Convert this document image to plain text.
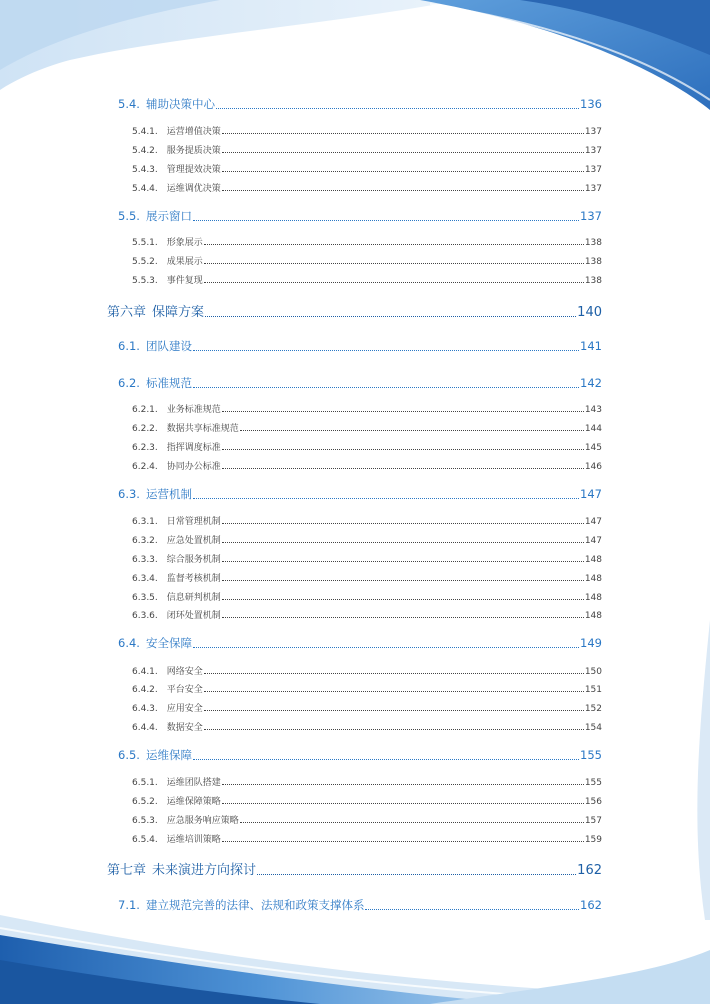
5.4. 辅助决策中心	136
5.4.1. 运营增值决策	137
5.4.2. 服务提质决策	137
5.4.3. 管理提效决策	137
5.4.4. 运维调优决策	137
5.5. 展示窗口	137
5.5.1. 形象展示	138
5.5.2. 成果展示	138
5.5.3. 事件复现	138
第六章 保障方案	140
6.1. 团队建设	141
6.2. 标准规范	142
6.2.1. 业务标准规范	143
6.2.2. 数据共享标准规范	144
6.2.3. 指挥调度标准	145
6.2.4. 协同办公标准	146
6.3. 运营机制	147
6.3.1. 日常管理机制	147
6.3.2. 应急处置机制	147
6.3.3. 综合服务机制	148
6.3.4. 监督考核机制	148
6.3.5. 信息研判机制	148
6.3.6. 闭环处置机制	148
6.4. 安全保障	149
6.4.1. 网络安全	150
6.4.2. 平台安全	151
6.4.3. 应用安全	152
6.4.4. 数据安全	154
6.5. 运维保障	155
6.5.1. 运维团队搭建	155
6.5.2. 运维保障策略	156
6.5.3. 应急服务响应策略	157
6.5.4. 运维培训策略	159
第七章 未来演进方向探讨	162
7.1. 建立规范完善的法律、法规和政策支撑体系	162
